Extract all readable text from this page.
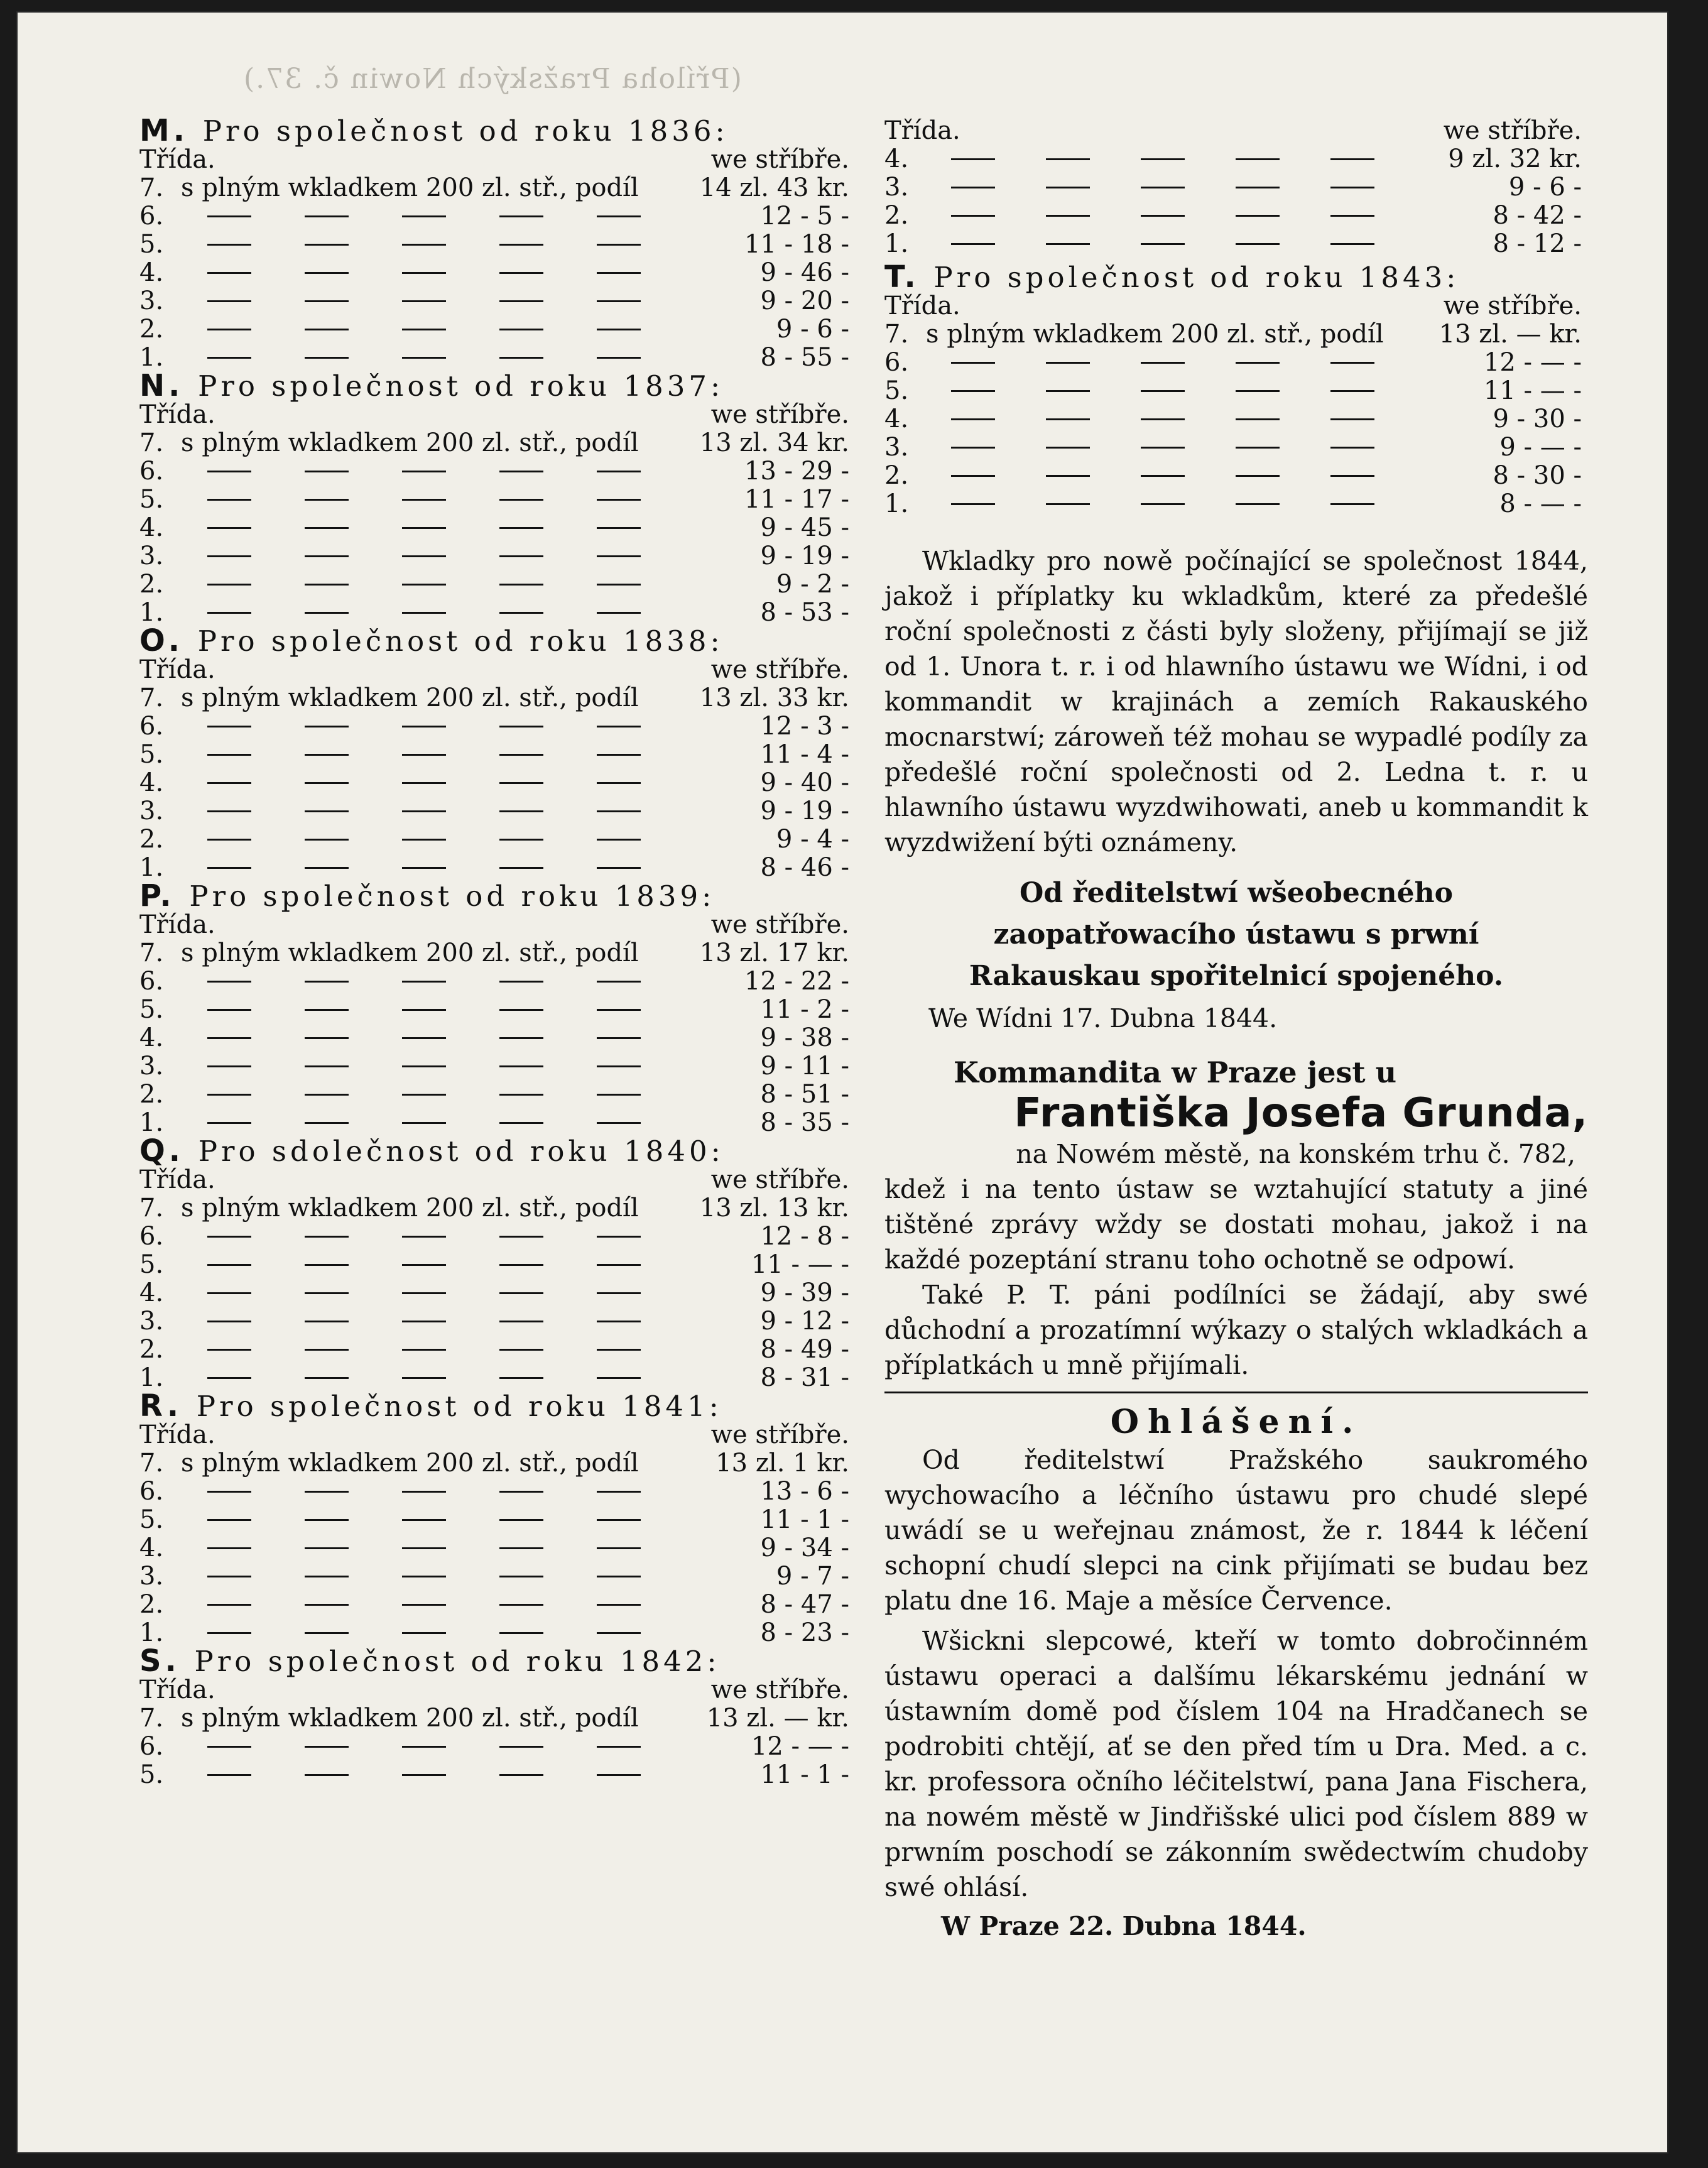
(Příloha Pražských Nowin č. 37.)
M. Pro společnost od roku 1836:
Třída.	we stříbře.
7. s plným wkladkem 200 zl. stř., podíl	14 zl. 43 kr.
6.	12 - 5 -
5.	11 - 18 -
4.	9 - 46 -
3.	9 - 20 -
2.	9 - 6 -
1.	8 - 55 -
N. Pro společnost od roku 1837:
Třída.	we stříbře.
7. s plným wkladkem 200 zl. stř., podíl	13 zl. 34 kr.
6.	13 - 29 -
5.	11 - 17 -
4.	9 - 45 -
3.	9 - 19 -
2.	9 - 2 -
1.	8 - 53 -
O. Pro společnost od roku 1838:
Třída.	we stříbře.
7. s plným wkladkem 200 zl. stř., podíl	13 zl. 33 kr.
6.	12 - 3 -
5.	11 - 4 -
4.	9 - 40 -
3.	9 - 19 -
2.	9 - 4 -
1.	8 - 46 -
P. Pro společnost od roku 1839:
Třída.	we stříbře.
7. s plným wkladkem 200 zl. stř., podíl	13 zl. 17 kr.
6.	12 - 22 -
5.	11 - 2 -
4.	9 - 38 -
3.	9 - 11 -
2.	8 - 51 -
1.	8 - 35 -
Q. Pro sdolečnost od roku 1840:
Třída.	we stříbře.
7. s plným wkladkem 200 zl. stř., podíl	13 zl. 13 kr.
6.	12 - 8 -
5.	11 - — -
4.	9 - 39 -
3.	9 - 12 -
2.	8 - 49 -
1.	8 - 31 -
R. Pro společnost od roku 1841:
Třída.	we stříbře.
7. s plným wkladkem 200 zl. stř., podíl	13 zl. 1 kr.
6.	13 - 6 -
5.	11 - 1 -
4.	9 - 34 -
3.	9 - 7 -
2.	8 - 47 -
1.	8 - 23 -
S. Pro společnost od roku 1842:
Třída.	we stříbře.
7. s plným wkladkem 200 zl. stř., podíl	13 zl. — kr.
6.	12 - — -
5.	11 - 1 -
Třída.	we stříbře.
4.	9 zl. 32 kr.
3.	9 - 6 -
2.	8 - 42 -
1.	8 - 12 -
T. Pro společnost od roku 1843:
Třída.	we stříbře.
7. s plným wkladkem 200 zl. stř., podíl	13 zl. — kr.
6.	12 - — -
5.	11 - — -
4.	9 - 30 -
3.	9 - — -
2.	8 - 30 -
1.	8 - — -
Wkladky pro nowě počínající se společnost 1844, jakož i příplatky ku wkladkům, které za předešlé roční společnosti z části byly složeny, přijímají se již od 1. Unora t. r. i od hlawního ústawu we Wídni, i od kommandit w krajinách a zemích Rakauského mocnarstwí; zároweň též mohau se wypadlé podíly za předešlé roční společnosti od 2. Ledna t. r. u hlawního ústawu wyzdwihowati, aneb u kommandit k wyzdwižení býti oznámeny.
Od ředitelstwí wšeobecného zaopatřowacího ústawu s prwní Rakauskau spořitelnicí spojeného.
We Wídni 17. Dubna 1844.
Kommandita w Praze jest u
Františka Josefa Grunda,
na Nowém městě, na konském trhu č. 782,
kdež i na tento ústaw se wztahující statuty a jiné tištěné zprávy wždy se dostati mohau, jakož i na každé pozeptání stranu toho ochotně se odpowí.
Také P. T. páni podílníci se žádají, aby swé důchodní a prozatímní wýkazy o stalých wkladkách a příplatkách u mně přijímali.
Ohlášení.
Od ředitelstwí Pražského saukromého wychowacího a léčního ústawu pro chudé slepé uwádí se u weřejnau známost, že r. 1844 k léčení schopní chudí slepci na cink přijímati se budau bez platu dne 16. Maje a měsíce Července.
Wšickni slepcowé, kteří w tomto dobročinném ústawu operaci a dalšímu lékarskému jednání w ústawním domě pod číslem 104 na Hradčanech se podrobiti chtějí, ať se den před tím u Dra. Med. a c. kr. professora očního léčitelstwí, pana Jana Fischera, na nowém městě w Jindřišské ulici pod číslem 889 w prwním poschodí se zákonním swědectwím chudoby swé ohlásí.
W Praze 22. Dubna 1844.
